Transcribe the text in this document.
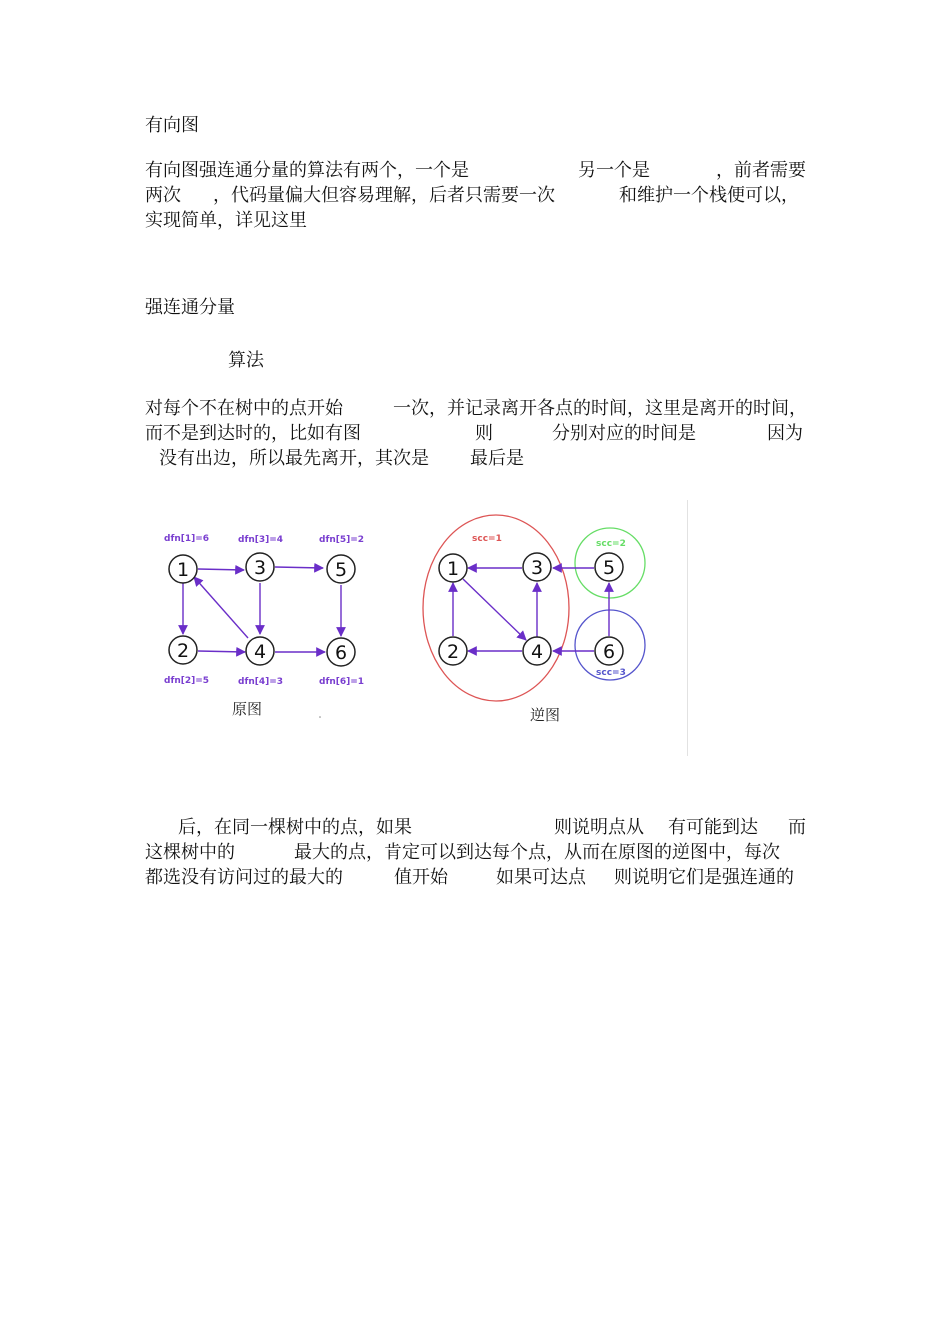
有向图

有向图强连通分量的算法有两个，一个是	另一个是	，前者需要
两次 ，代码量偏大但容易理解，后者只需要一次	和维护一个栈便可以，
实现简单，详见这里

强连通分量

算法

对每个不在树中的点开始	一次，并记录离开各点的时间，这里是离开的时间，
而不是到达时的，比如有图	则	分别对应的时间是	因为
没有出边，所以最先离开，其次是 最后是
1	3	5
2	4	6
dfn[1]=6	dfn[3]=4	dfn[5]=2
dfn[2]=5	dfn[4]=3	dfn[6]=1
原图
1	3	5
2	4	6
scc=1	scc=2
scc=3
逆图
后，在同一棵树中的点，如果	则说明点从 有可能到达 而
这棵树中的	最大的点，肯定可以到达每个点，从而在原图的逆图中，每次
都选没有访问过的最大的	值开始	如果可达点 则说明它们是强连通的
